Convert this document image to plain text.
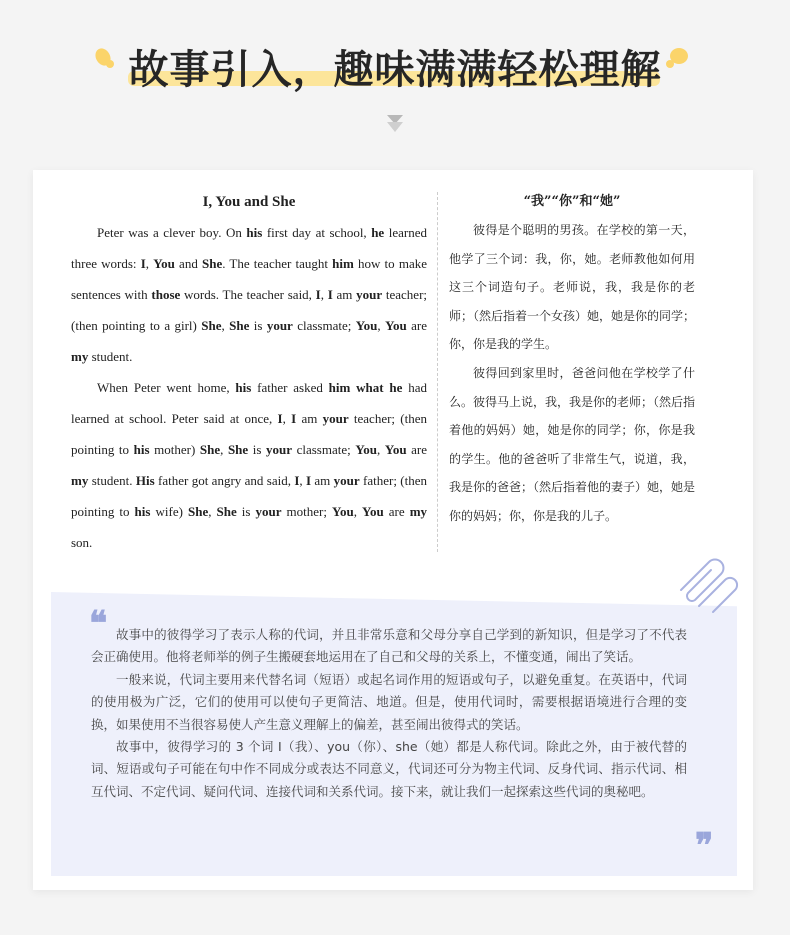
故事引入，趣味满满轻松理解
I, You and She

Peter was a clever boy. On his first day at school, he learned three words: I, You and She. The teacher taught him how to make sentences with those words. The teacher said, I, I am your teacher; (then pointing to a girl) She, She is your classmate; You, You are my student.

When Peter went home, his father asked him what he had learned at school. Peter said at once, I, I am your teacher; (then pointing to his mother) She, She is your classmate; You, You are my student. His father got angry and said, I, I am your father; (then pointing to his wife) She, She is your mother; You, You are my son.

“我”“你”和“她”

彼得是个聪明的男孩。在学校的第一天，他学了三个词：我，你，她。老师教他如何用这三个词造句子。老师说，我，我是你的老师；（然后指着一个女孩）她，她是你的同学；你，你是我的学生。

彼得回到家里时，爸爸问他在学校学了什么。彼得马上说，我，我是你的老师；（然后指着他的妈妈）她，她是你的同学；你，你是我的学生。他的爸爸听了非常生气，说道，我，我是你的爸爸；（然后指着他的妻子）她，她是你的妈妈；你，你是我的儿子。

❝ 故事中的彼得学习了表示人称的代词，并且非常乐意和父母分享自己学到的新知识，但是学习了不代表会正确使用。他将老师举的例子生搬硬套地运用在了自己和父母的关系上，不懂变通，闹出了笑话。

一般来说，代词主要用来代替名词（短语）或起名词作用的短语或句子，以避免重复。在英语中，代词的使用极为广泛，它们的使用可以使句子更简洁、地道。但是，使用代词时，需要根据语境进行合理的变换，如果使用不当很容易使人产生意义理解上的偏差，甚至闹出彼得式的笑话。

故事中，彼得学习的 3 个词 I（我）、you（你）、she（她）都是人称代词。除此之外，由于被代替的词、短语或句子可能在句中作不同成分或表达不同意义，代词还可分为物主代词、反身代词、指示代词、相互代词、不定代词、疑问代词、连接代词和关系代词。接下来，就让我们一起探索这些代词的奥秘吧。

❞
